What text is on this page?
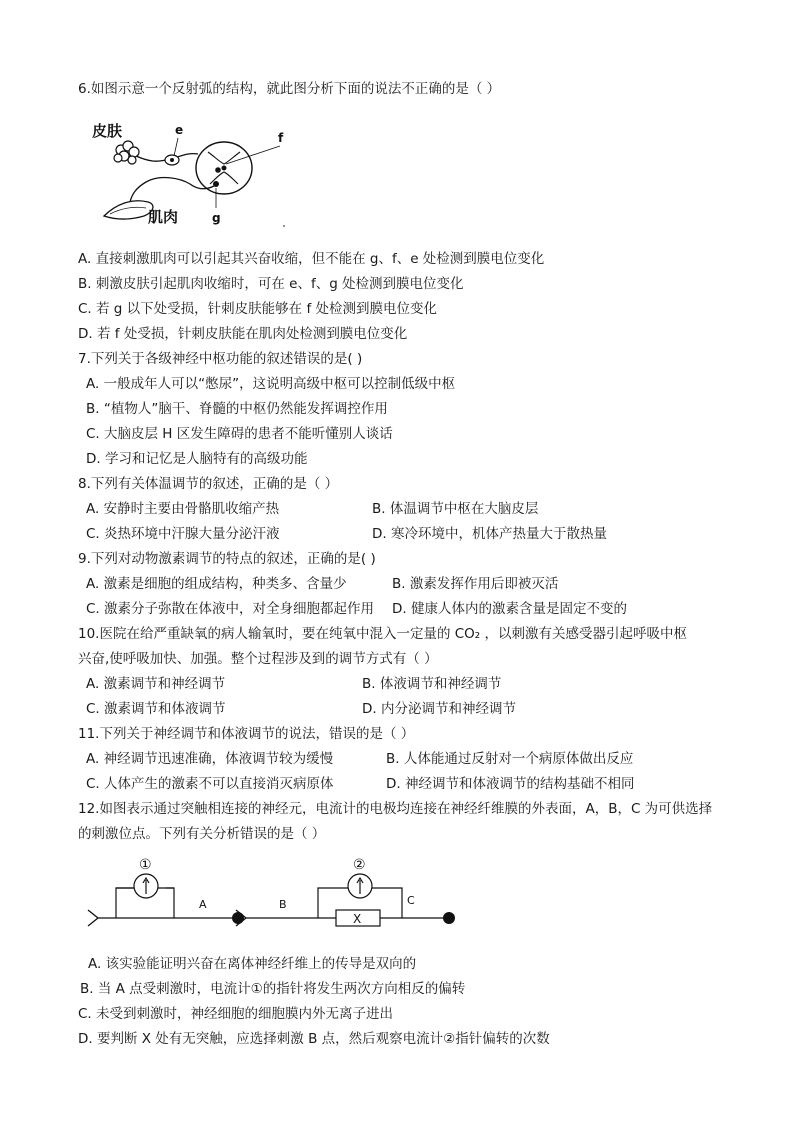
6.如图示意一个反射弧的结构，就此图分析下面的说法不正确的是（ ）
皮肤	e
f
g
肌肉
A. 直接刺激肌肉可以引起其兴奋收缩，但不能在 g、f、e 处检测到膜电位变化
B. 刺激皮肤引起肌肉收缩时，可在 e、f、g 处检测到膜电位变化
C. 若 g 以下处受损，针刺皮肤能够在 f 处检测到膜电位变化
D. 若 f 处受损，针刺皮肤能在肌肉处检测到膜电位变化
7.下列关于各级神经中枢功能的叙述错误的是( )
A. 一般成年人可以“憋尿”，这说明高级中枢可以控制低级中枢
B. “植物人”脑干、脊髓的中枢仍然能发挥调控作用
C. 大脑皮层 H 区发生障碍的患者不能听懂别人谈话
D. 学习和记忆是人脑特有的高级功能
8.下列有关体温调节的叙述，正确的是（ ）
A. 安静时主要由骨骼肌收缩产热	B. 体温调节中枢在大脑皮层
C. 炎热环境中汗腺大量分泌汗液	D. 寒冷环境中，机体产热量大于散热量
9.下列对动物激素调节的特点的叙述，正确的是( )
A. 激素是细胞的组成结构，种类多、含量少	B. 激素发挥作用后即被灭活
C. 激素分子弥散在体液中，对全身细胞都起作用 D. 健康人体内的激素含量是固定不变的
10.医院在给严重缺氧的病人输氧时，要在纯氧中混入一定量的 CO₂ ，以刺激有关感受器引起呼吸中枢
兴奋,使呼吸加快、加强。整个过程涉及到的调节方式有（ ）
A. 激素调节和神经调节	B. 体液调节和神经调节
C. 激素调节和体液调节	D. 内分泌调节和神经调节
11.下列关于神经调节和体液调节的说法，错误的是（ ）
A. 神经调节迅速准确，体液调节较为缓慢	B. 人体能通过反射对一个病原体做出反应
C. 人体产生的激素不可以直接消灭病原体	D. 神经调节和体液调节的结构基础不相同
12.如图表示通过突触相连接的神经元，电流计的电极均连接在神经纤维膜的外表面，A，B，C 为可供选择
的刺激位点。下列有关分析错误的是（ ）
①
A	B
②
X
C
A. 该实验能证明兴奋在离体神经纤维上的传导是双向的
B. 当 A 点受刺激时，电流计①的指针将发生两次方向相反的偏转
C. 未受到刺激时，神经细胞的细胞膜内外无离子进出
D. 要判断 X 处有无突触，应选择刺激 B 点，然后观察电流计②指针偏转的次数
